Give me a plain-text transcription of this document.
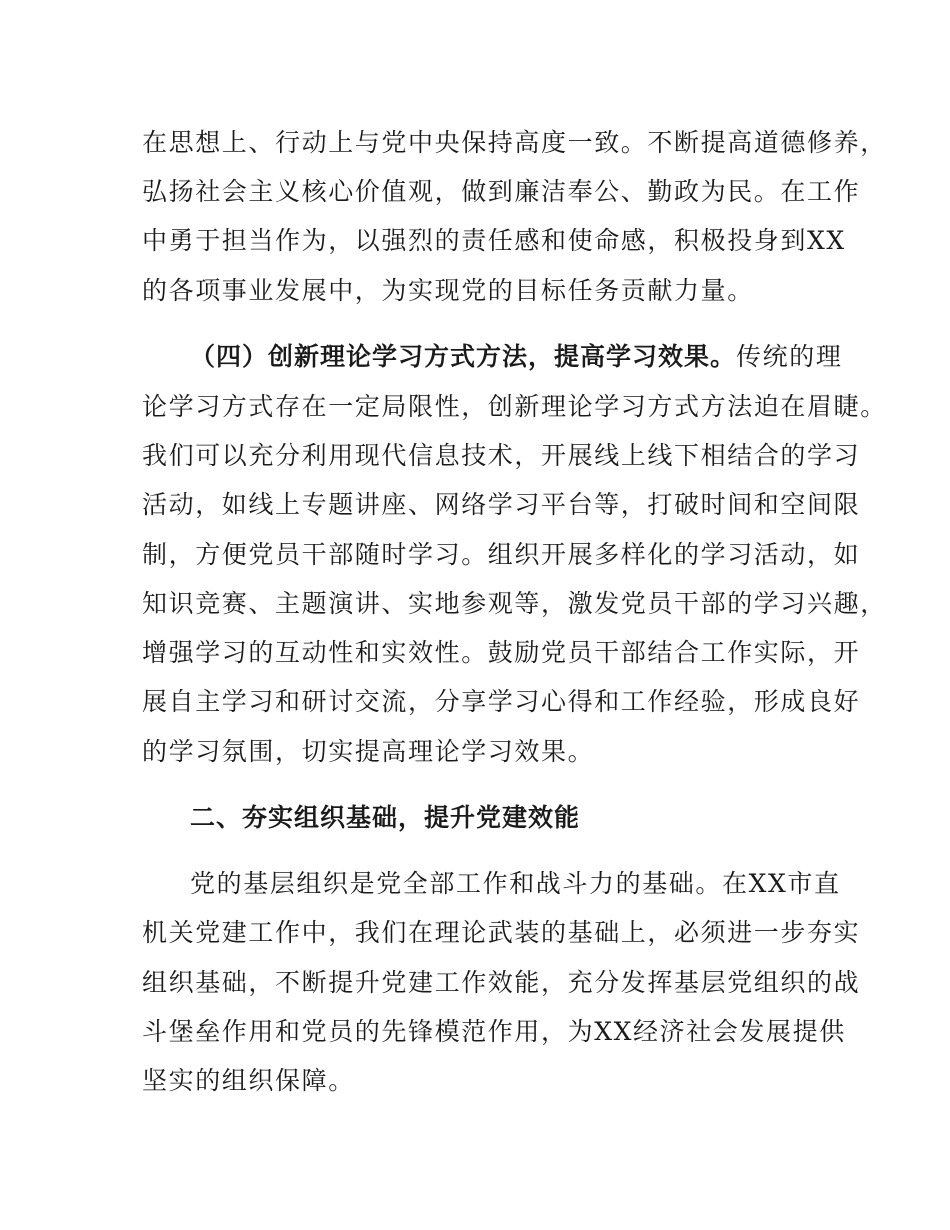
在思想上、行动上与党中央保持高度一致。不断提高道德修养，
弘扬社会主义核心价值观，做到廉洁奉公、勤政为民。在工作
中勇于担当作为，以强烈的责任感和使命感，积极投身到XX
的各项事业发展中，为实现党的目标任务贡献力量。
（四）创新理论学习方式方法，提高学习效果。传统的理
论学习方式存在一定局限性，创新理论学习方式方法迫在眉睫。
我们可以充分利用现代信息技术，开展线上线下相结合的学习
活动，如线上专题讲座、网络学习平台等，打破时间和空间限
制，方便党员干部随时学习。组织开展多样化的学习活动，如
知识竞赛、主题演讲、实地参观等，激发党员干部的学习兴趣，
增强学习的互动性和实效性。鼓励党员干部结合工作实际，开
展自主学习和研讨交流，分享学习心得和工作经验，形成良好
的学习氛围，切实提高理论学习效果。
二、夯实组织基础，提升党建效能
党的基层组织是党全部工作和战斗力的基础。在XX市直
机关党建工作中，我们在理论武装的基础上，必须进一步夯实
组织基础，不断提升党建工作效能，充分发挥基层党组织的战
斗堡垒作用和党员的先锋模范作用，为XX经济社会发展提供
坚实的组织保障。
